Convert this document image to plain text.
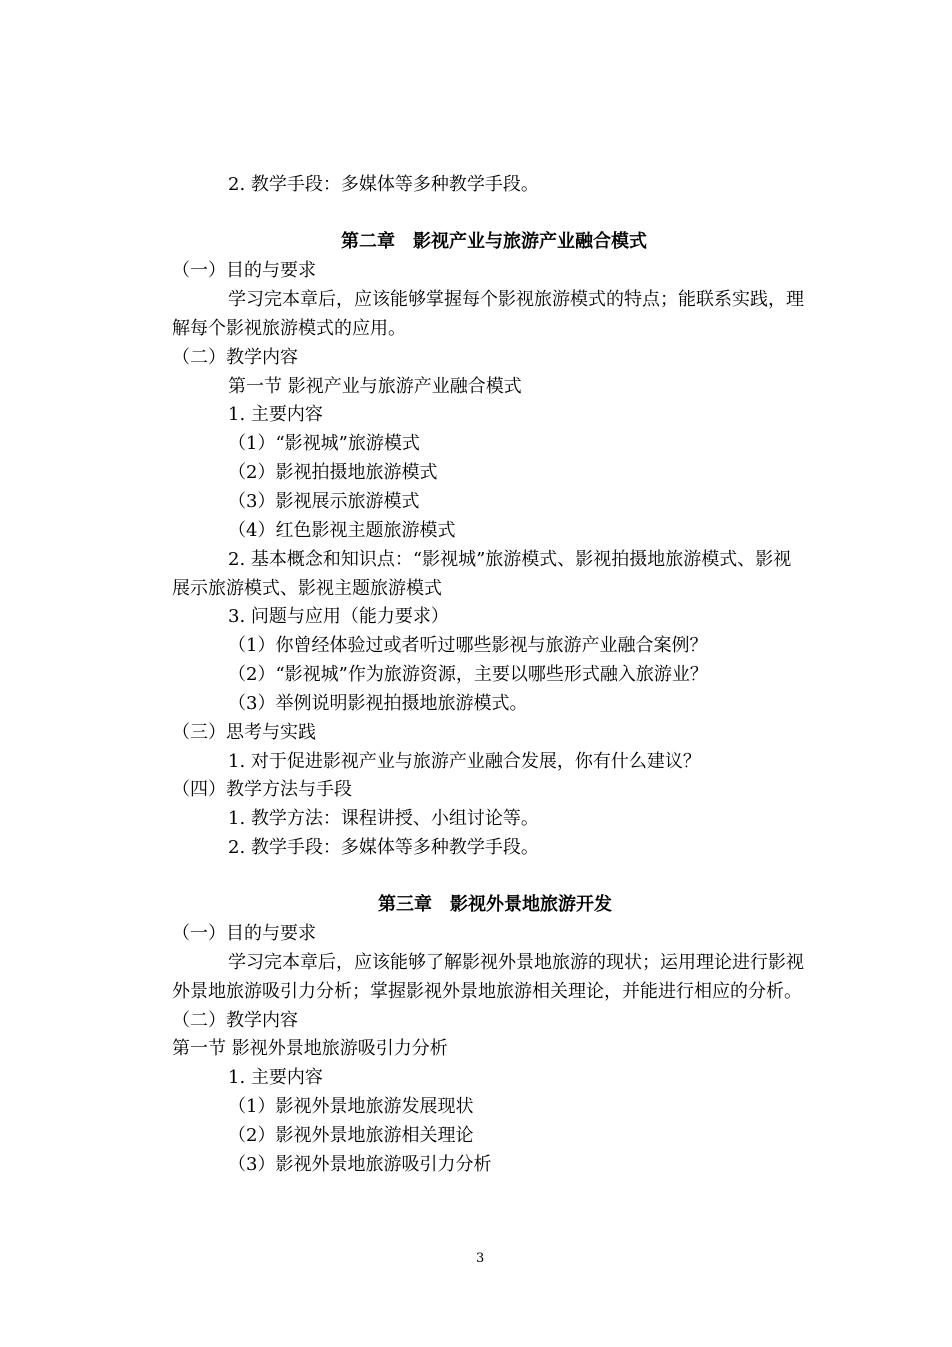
2. 教学手段：多媒体等多种教学手段。
第二章　影视产业与旅游产业融合模式
（一）目的与要求
学习完本章后，应该能够掌握每个影视旅游模式的特点；能联系实践，理
解每个影视旅游模式的应用。
（二）教学内容
第一节 影视产业与旅游产业融合模式
1. 主要内容
（1）“影视城”旅游模式
（2）影视拍摄地旅游模式
（3）影视展示旅游模式
（4）红色影视主题旅游模式
2. 基本概念和知识点：“影视城”旅游模式、影视拍摄地旅游模式、影视
展示旅游模式、影视主题旅游模式
3. 问题与应用（能力要求）
（1）你曾经体验过或者听过哪些影视与旅游产业融合案例？
（2）“影视城”作为旅游资源，主要以哪些形式融入旅游业？
（3）举例说明影视拍摄地旅游模式。
（三）思考与实践
1. 对于促进影视产业与旅游产业融合发展，你有什么建议？
（四）教学方法与手段
1. 教学方法：课程讲授、小组讨论等。
2. 教学手段：多媒体等多种教学手段。
第三章　影视外景地旅游开发
（一）目的与要求
学习完本章后，应该能够了解影视外景地旅游的现状；运用理论进行影视
外景地旅游吸引力分析；掌握影视外景地旅游相关理论，并能进行相应的分析。
（二）教学内容
第一节 影视外景地旅游吸引力分析
1. 主要内容
（1）影视外景地旅游发展现状
（2）影视外景地旅游相关理论
（3）影视外景地旅游吸引力分析
3
